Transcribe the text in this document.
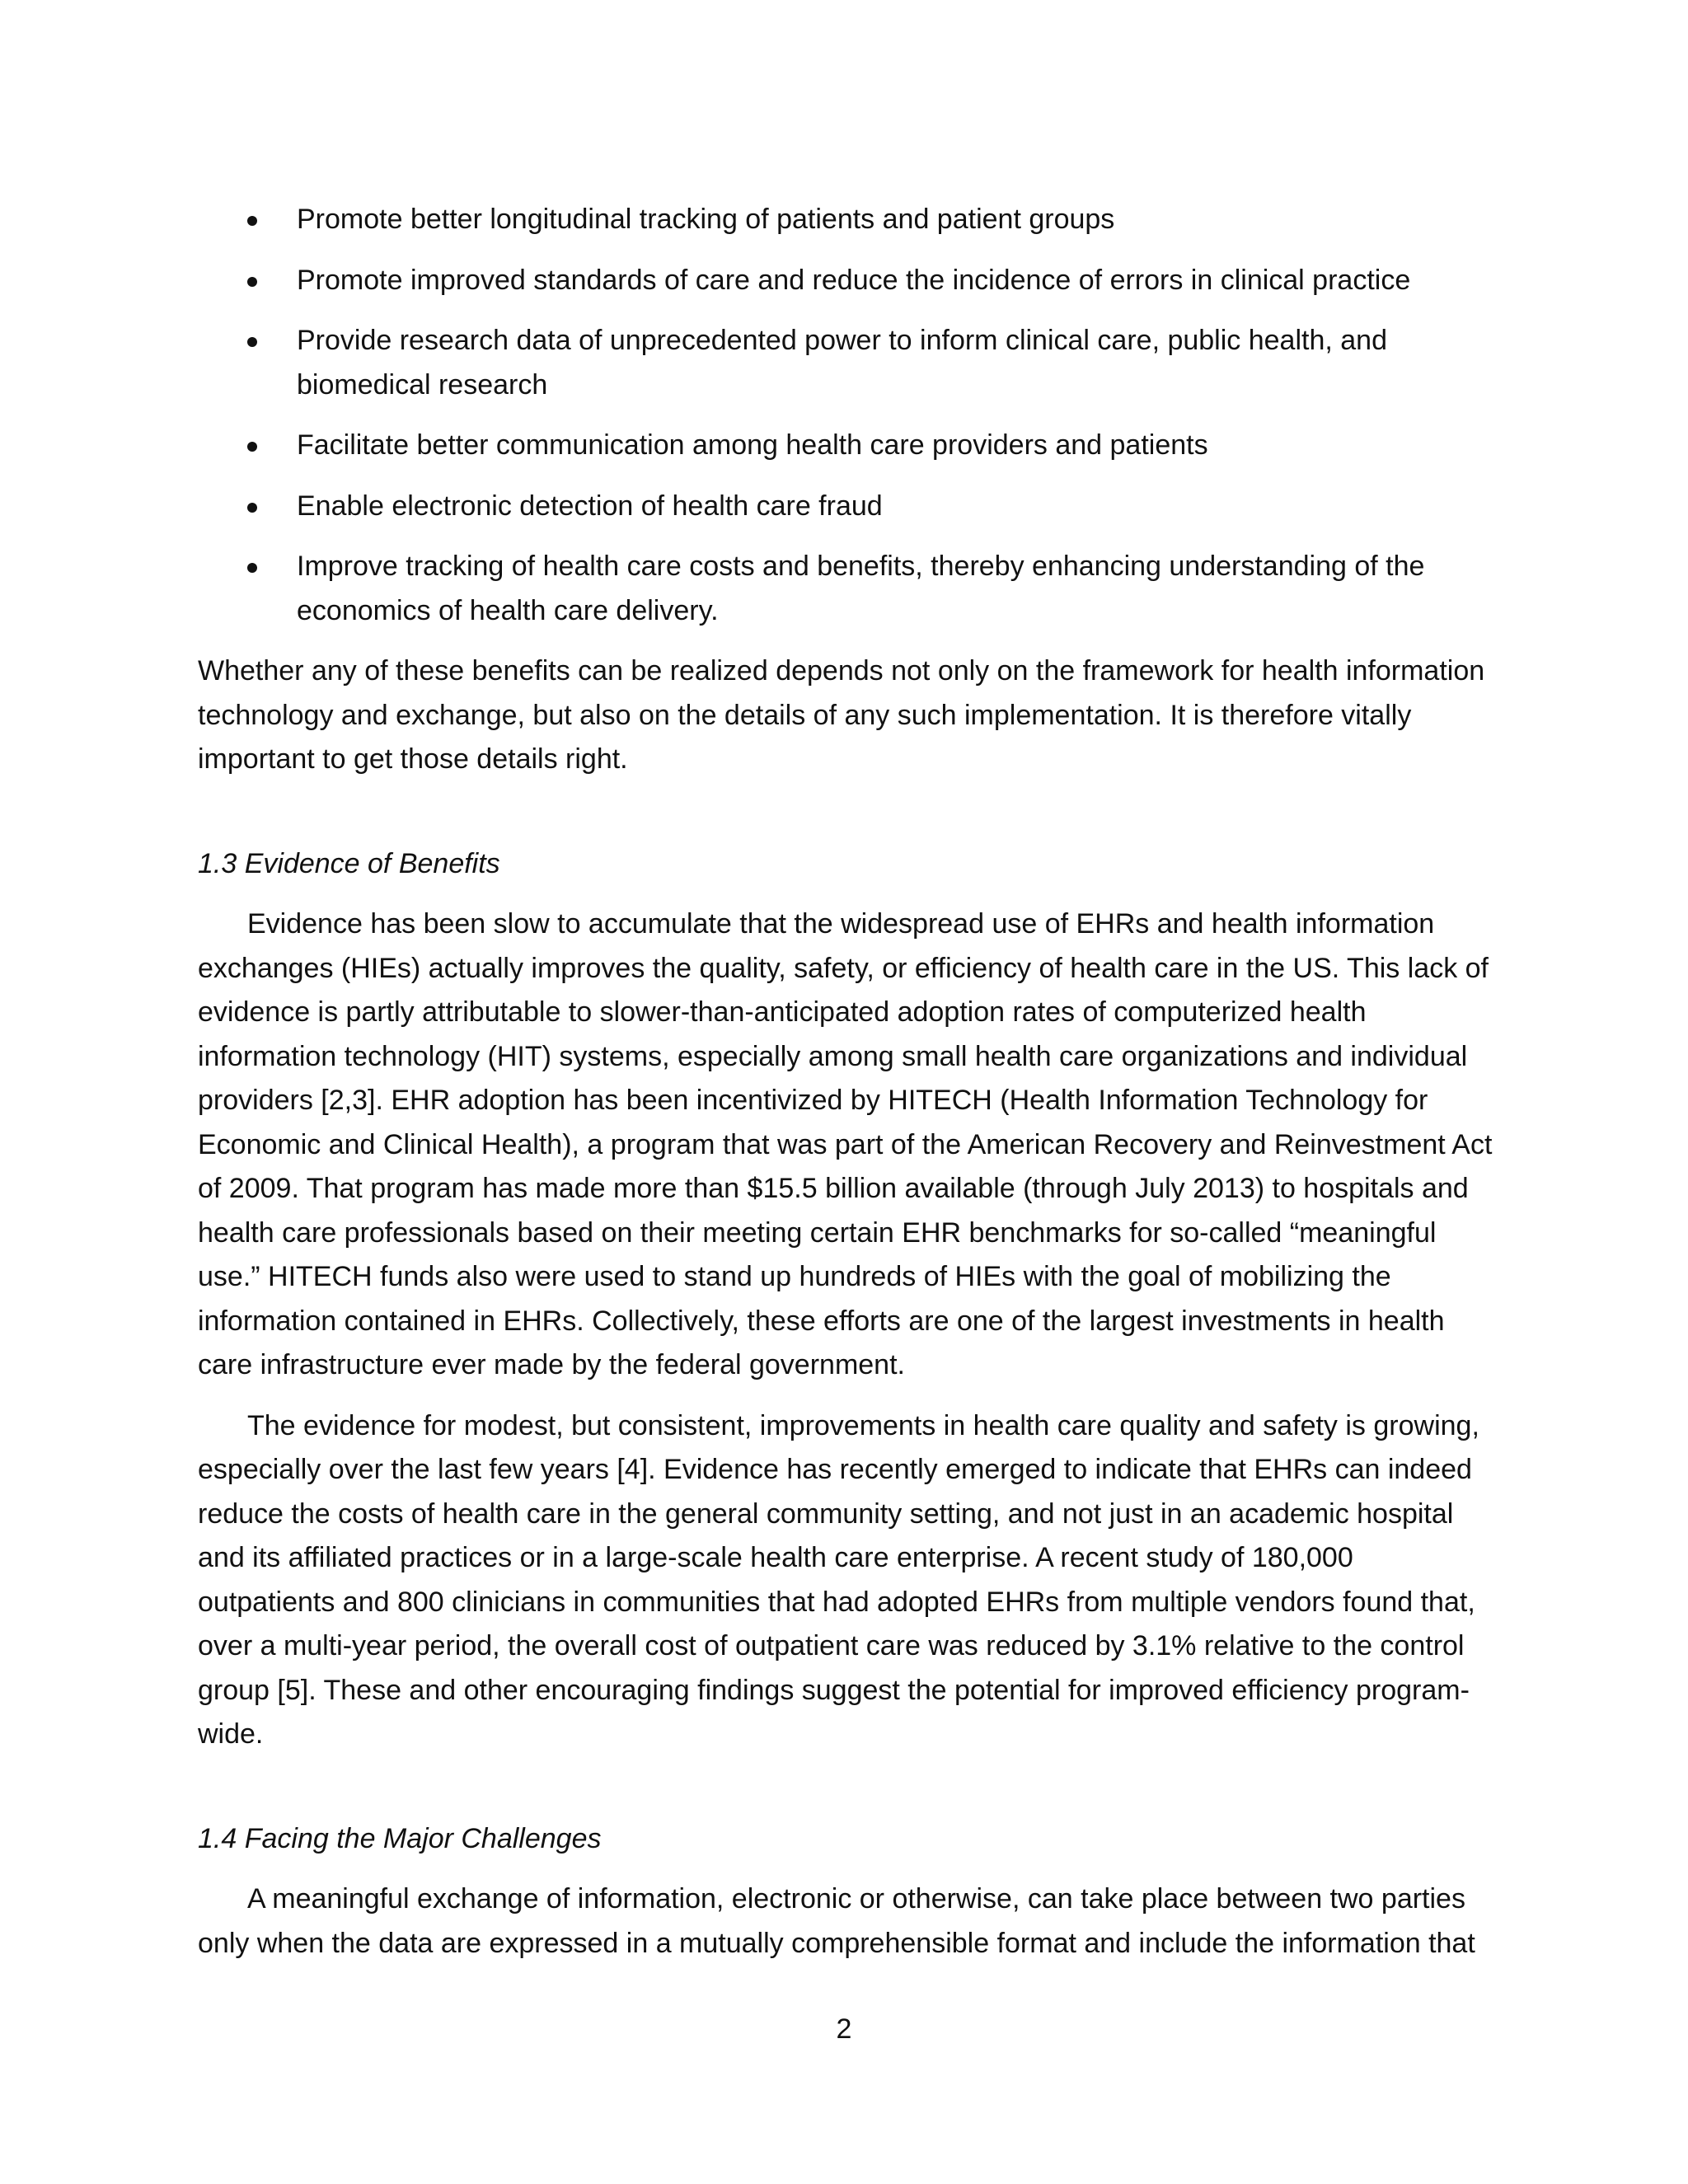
Promote better longitudinal tracking of patients and patient groups
Promote improved standards of care and reduce the incidence of errors in clinical practice
Provide research data of unprecedented power to inform clinical care, public health, and biomedical research
Facilitate better communication among health care providers and patients
Enable electronic detection of health care fraud
Improve tracking of health care costs and benefits, thereby enhancing understanding of the economics of health care delivery.

Whether any of these benefits can be realized depends not only on the framework for health information technology and exchange, but also on the details of any such implementation. It is therefore vitally important to get those details right.

1.3 Evidence of Benefits

Evidence has been slow to accumulate that the widespread use of EHRs and health information exchanges (HIEs) actually improves the quality, safety, or efficiency of health care in the US. This lack of evidence is partly attributable to slower-than-anticipated adoption rates of computerized health information technology (HIT) systems, especially among small health care organizations and individual providers [2,3]. EHR adoption has been incentivized by HITECH (Health Information Technology for Economic and Clinical Health), a program that was part of the American Recovery and Reinvestment Act of 2009. That program has made more than $15.5 billion available (through July 2013) to hospitals and health care professionals based on their meeting certain EHR benchmarks for so-called “meaningful use.” HITECH funds also were used to stand up hundreds of HIEs with the goal of mobilizing the information contained in EHRs. Collectively, these efforts are one of the largest investments in health care infrastructure ever made by the federal government.

The evidence for modest, but consistent, improvements in health care quality and safety is growing, especially over the last few years [4]. Evidence has recently emerged to indicate that EHRs can indeed reduce the costs of health care in the general community setting, and not just in an academic hospital and its affiliated practices or in a large-scale health care enterprise. A recent study of 180,000 outpatients and 800 clinicians in communities that had adopted EHRs from multiple vendors found that, over a multi-year period, the overall cost of outpatient care was reduced by 3.1% relative to the control group [5]. These and other encouraging findings suggest the potential for improved efficiency program-wide.

1.4 Facing the Major Challenges

A meaningful exchange of information, electronic or otherwise, can take place between two parties only when the data are expressed in a mutually comprehensible format and include the information that

2
